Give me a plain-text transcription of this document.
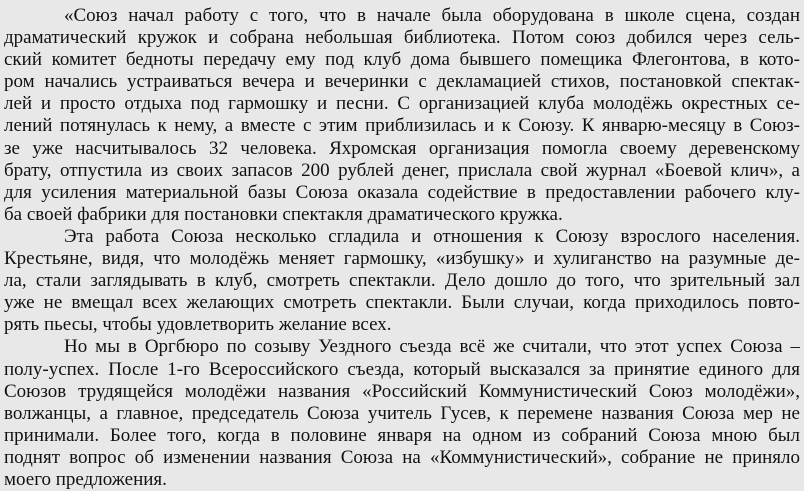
«Союз начал работу с того, что в начале была оборудована в школе сцена, создан
драматический кружок и собрана небольшая библиотека. Потом союз добился через сель-
ский комитет бедноты передачу ему под клуб дома бывшего помещика Флегонтова, в кото-
ром начались устраиваться вечера и вечеринки с декламацией стихов, постановкой спектак-
лей и просто отдыха под гармошку и песни. С организацией клуба молодёжь окрестных се-
лений потянулась к нему, а вместе с этим приблизилась и к Союзу. К январю-месяцу в Союз-
зе уже насчитывалось 32 человека. Яхромская организация помогла своему деревенскому
брату, отпустила из своих запасов 200 рублей денег, прислала свой журнал «Боевой клич», а
для усиления материальной базы Союза оказала содействие в предоставлении рабочего клу-
ба своей фабрики для постановки спектакля драматического кружка.
Эта работа Союза несколько сгладила и отношения к Союзу взрослого населения.
Крестьяне, видя, что молодёжь меняет гармошку, «избушку» и хулиганство на разумные де-
ла, стали заглядывать в клуб, смотреть спектакли. Дело дошло до того, что зрительный зал
уже не вмещал всех желающих смотреть спектакли. Были случаи, когда приходилось повто-
рять пьесы, чтобы удовлетворить желание всех.
Но мы в Оргбюро по созыву Уездного съезда всё же считали, что этот успех Союза –
полу-успех. После 1-го Всероссийского съезда, который высказался за принятие единого для
Союзов трудящейся молодёжи названия «Российский Коммунистический Союз молодёжи»,
волжанцы, а главное, председатель Союза учитель Гусев, к перемене названия Союза мер не
принимали. Более того, когда в половине января на одном из собраний Союза мною был
поднят вопрос об изменении названия Союза на «Коммунистический», собрание не приняло
моего предложения.
